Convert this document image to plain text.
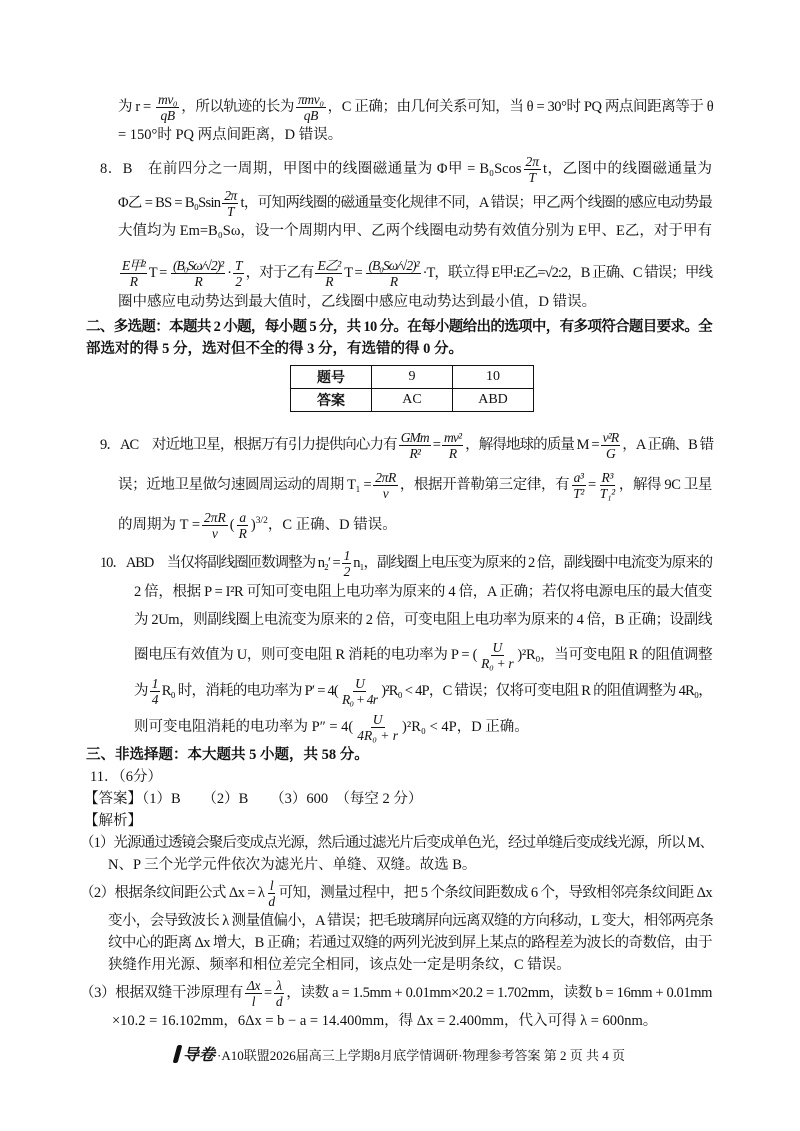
为 $r = \frac{\text{mv₀}}{qB}$ ，所以轨迹的长为 $\frac{\text{πmv₀}}{qB}$ ，C 正确；由几何关系可知，当 θ = 30°时 PQ 两点间距离等于 θ
= 150°时 PQ 两点间距离，D 错误。
8．B　在前四分之一周期，甲图中的线圈磁通量为 Φ甲 = $B_0Scos \frac{2\pi}{T}$ t，乙图中的线圈磁通量为
Φ乙 = BS = $B_0Ssin \frac{2\pi}{T}$ t，可知两线圈的磁通量变化规律不同，A 错误；甲乙两个线圈的感应电动势最
大值均为 Em=B₀Sω，设一个周期内甲、乙两个线圈电动势有效值分别为 E甲、E乙，对于甲有
$\frac{\text{E甲²}}{R}$ $T = \frac{\text{(B₀Sω/√2)²}}{R} \cdot \frac{T}{2}$ ，对于乙有 $\frac{\text{E乙²}}{R}$ $T = \frac{\text{(B₀Sω/√2)²}}{R} \cdot T$，联立得 E甲:E乙=√2:2，B 正确、C 错误；甲线
圈中感应电动势达到最大值时，乙线圈中感应电动势达到最小值，D 错误。
二、多选题：本题共 2 小题，每小题 5 分，共 10 分。在每小题给出的选项中，有多项符合题目要求。全
部选对的得 5 分，选对但不全的得 3 分，有选错的得 0 分。
9．AC　对近地卫星，根据万有引力提供向心力有 $\frac{\text{GMm}}{\text{R²}} = \frac{\text{mv²}}{R}$ ，解得地球的质量 $M = \frac{\text{v²R}}{G}$ ，A 正确、B 错
误；近地卫星做匀速圆周运动的周期 $T_1 = \frac{2\pi R}{v}$ ，根据开普勒第三定律，有 $\frac{\text{a³}}{\text{T²}} = \frac{\text{R³}}{\text{T₁²}}$ ，解得 9C 卫星
的周期为 $T = \frac{2\pi R}{v}$ ( $\frac{a}{R} )^{3/2}$，C 正确、D 错误。
10．ABD　当仅将副线圈匝数调整为 $n_2' = \frac{1}{2} n_1$，副线圈上电压变为原来的 2 倍，副线圈中电流变为原来的
2 倍，根据 P = I²R 可知可变电阻上电功率为原来的 4 倍，A 正确；若仅将电源电压的最大值变
为 2Um，则副线圈上电流变为原来的 2 倍，可变电阻上电功率为原来的 4 倍，B 正确；设副线
圈电压有效值为 U，则可变电阻 R 消耗的电功率为 P = ( $\frac{U}{\text{R₀ + r}} )^2R_0$，当可变电阻 R 的阻值调整
为 $\frac{1}{4} R_0$ 时，消耗的电功率为 $P' = 4( \frac{U}{\text{R₀ + 4r}} )^2R_0 < 4P$，C 错误；仅将可变电阻 R 的阻值调整为 4R₀，
则可变电阻消耗的电功率为 $P'' = 4( \frac{U}{\text{4R₀ + r}} )^2R_0 < 4P$，D 正确。
三、非选择题：本大题共 5 小题，共 58 分。
11．（6分）
【答案】（1）B　　（2）B　　（3）600　（每空 2 分）
【解析】
（1）光源通过透镜会聚后变成点光源，然后通过滤光片后变成单色光，经过单缝后变成线光源，所以 M、
N、P 三个光学元件依次为滤光片、单缝、双缝。故选 B。
（2）根据条纹间距公式 Δx = λ $\frac{l}{d}$ 可知，测量过程中，把 5 个条纹间距数成 6 个，导致相邻亮条纹间距 Δx
变小，会导致波长 λ 测量值偏小，A 错误；把毛玻璃屏向远离双缝的方向移动，L 变大，相邻两亮条
纹中心的距离 Δx 增大，B 正确；若通过双缝的两列光波到屏上某点的路程差为波长的奇数倍，由于
狭缝作用光源、频率和相位差完全相同，该点处一定是明条纹，C 错误。
（3）根据双缝干涉原理有 $\frac{\Delta x}{l} = \frac{\lambda}{d}$ ，读数 a = 1.5mm + 0.01mm×20.2 = 1.702mm，读数 b = 16mm + 0.01mm
×10.2 = 16.102mm，6Δx = b − a = 14.400mm，得 Δx = 2.400mm，代入可得 λ = 600nm。
题号	9	10
答案	AC	ABD
导卷 ·A10联盟2026届高三上学期8月底学情调研·物理参考答案 第 2 页 共 4 页
